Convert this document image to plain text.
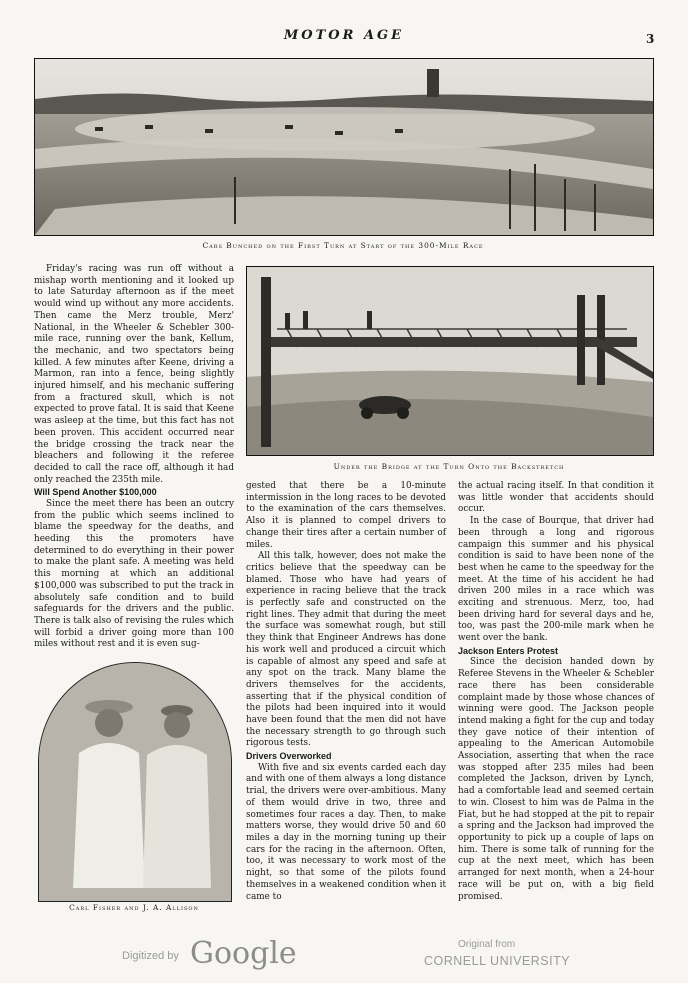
MOTOR AGE	3
Cars Bunched on the First Turn at Start of the 300-Mile Race
Under the Bridge at the Turn Onto the Backstretch

Friday's racing was run off without a mishap worth mentioning and it looked up to late Saturday afternoon as if the meet would wind up without any more accidents. Then came the Merz trouble, Merz' National, in the Wheeler & Schebler 300-mile race, running over the bank, Kellum, the mechanic, and two spectators being killed. A few minutes after Keene, driving a Marmon, ran into a fence, being slightly injured himself, and his mechanic suffering from a fractured skull, which is not expected to prove fatal. It is said that Keene was asleep at the time, but this fact has not been proven. This accident occurred near the bridge crossing the track near the bleachers and following it the referee decided to call the race off, although it had only reached the 235th mile.

Will Spend Another $100,000

Since the meet there has been an outcry from the public which seems inclined to blame the speedway for the deaths, and heeding this the promoters have determined to do everything in their power to make the plant safe. A meeting was held this morning at which an additional $100,000 was subscribed to put the track in absolutely safe condition and to build safeguards for the drivers and the public. There is talk also of revising the rules which will forbid a driver going more than 100 miles without rest and it is even sug-

Carl Fisher and J. A. Allison

gested that there be a 10-minute intermission in the long races to be devoted to the examination of the cars themselves. Also it is planned to compel drivers to change their tires after a certain number of miles.

All this talk, however, does not make the critics believe that the speedway can be blamed. Those who have had years of experience in racing believe that the track is perfectly safe and constructed on the right lines. They admit that during the meet the surface was somewhat rough, but still they think that Engineer Andrews has done his work well and produced a circuit which is capable of almost any speed and safe at any spot on the track. Many blame the drivers themselves for the accidents, asserting that if the physical condition of the pilots had been inquired into it would have been found that the men did not have the necessary strength to go through such rigorous tests.

Drivers Overworked

With five and six events carded each day and with one of them always a long distance trial, the drivers were over-ambitious. Many of them would drive in two, three and sometimes four races a day. Then, to make matters worse, they would drive 50 and 60 miles a day in the morning tuning up their cars for the racing in the afternoon. Often, too, it was necessary to work most of the night, so that some of the pilots found themselves in a weakened condition when it came to

the actual racing itself. In that condition it was little wonder that accidents should occur.

In the case of Bourque, that driver had been through a long and rigorous campaign this summer and his physical condition is said to have been none of the best when he came to the speedway for the meet. At the time of his accident he had driven 200 miles in a race which was exciting and strenuous. Merz, too, had been driving hard for several days and he, too, was past the 200-mile mark when he went over the bank.

Jackson Enters Protest

Since the decision handed down by Referee Stevens in the Wheeler & Schebler race there has been considerable complaint made by those whose chances of winning were good. The Jackson people intend making a fight for the cup and today they gave notice of their intention of appealing to the American Automobile Association, asserting that when the race was stopped after 235 miles had been completed the Jackson, driven by Lynch, had a comfortable lead and seemed certain to win. Closest to him was de Palma in the Fiat, but he had stopped at the pit to repair a spring and the Jackson had improved the opportunity to pick up a couple of laps on him. There is some talk of running for the cup at the next meet, which has been arranged for next month, when a 24-hour race will be put on, with a big field promised.

Digitized by Google	Original from
CORNELL UNIVERSITY
